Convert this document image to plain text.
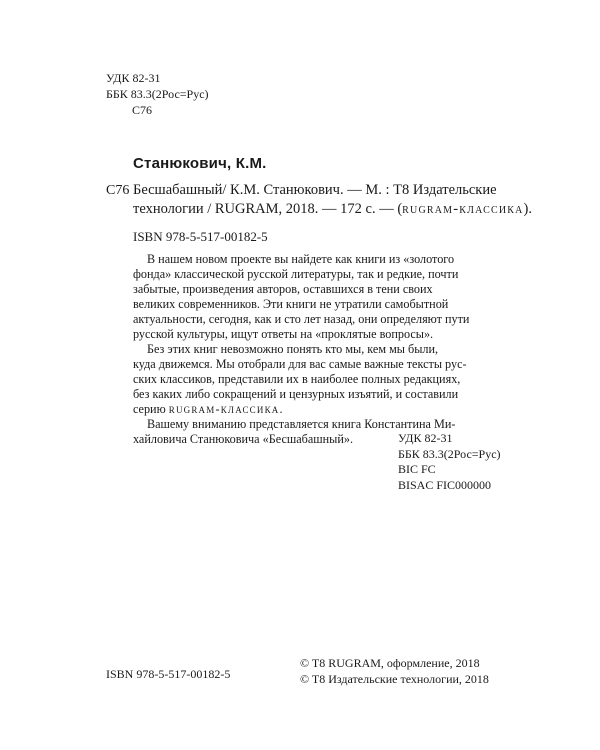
УДК 82-31
ББК 83.3(2Рос=Рус)
С76
Станюкович, К.М.
С76 Бесшабашный/ К.М. Станюкович. — М. : Т8 Издательские
технологии / RUGRAM, 2018. — 172 с. — (rugram-классика).
ISBN 978-5-517-00182-5
В нашем новом проекте вы найдете как книги из «золотого
фонда» классической русской литературы, так и редкие, почти
забытые, произведения авторов, оставшихся в тени своих
великих современников. Эти книги не утратили самобытной
актуальности, сегодня, как и сто лет назад, они определяют пути
русской культуры, ищут ответы на «проклятые вопросы».
Без этих книг невозможно понять кто мы, кем мы были,
куда движемся. Мы отобрали для вас самые важные тексты рус-
ских классиков, представили их в наиболее полных редакциях,
без каких либо сокращений и цензурных изъятий, и составили
серию rugram-классика.
Вашему вниманию представляется книга Константина Ми-
хайловича Станюковича «Бесшабашный».	УДК 82-31
ББК 83.3(2Рос=Рус)
BIC FC
BISAC FIC000000
ISBN 978-5-517-00182-5
© T8 RUGRAM, оформление, 2018
© T8 Издательские технологии, 2018
